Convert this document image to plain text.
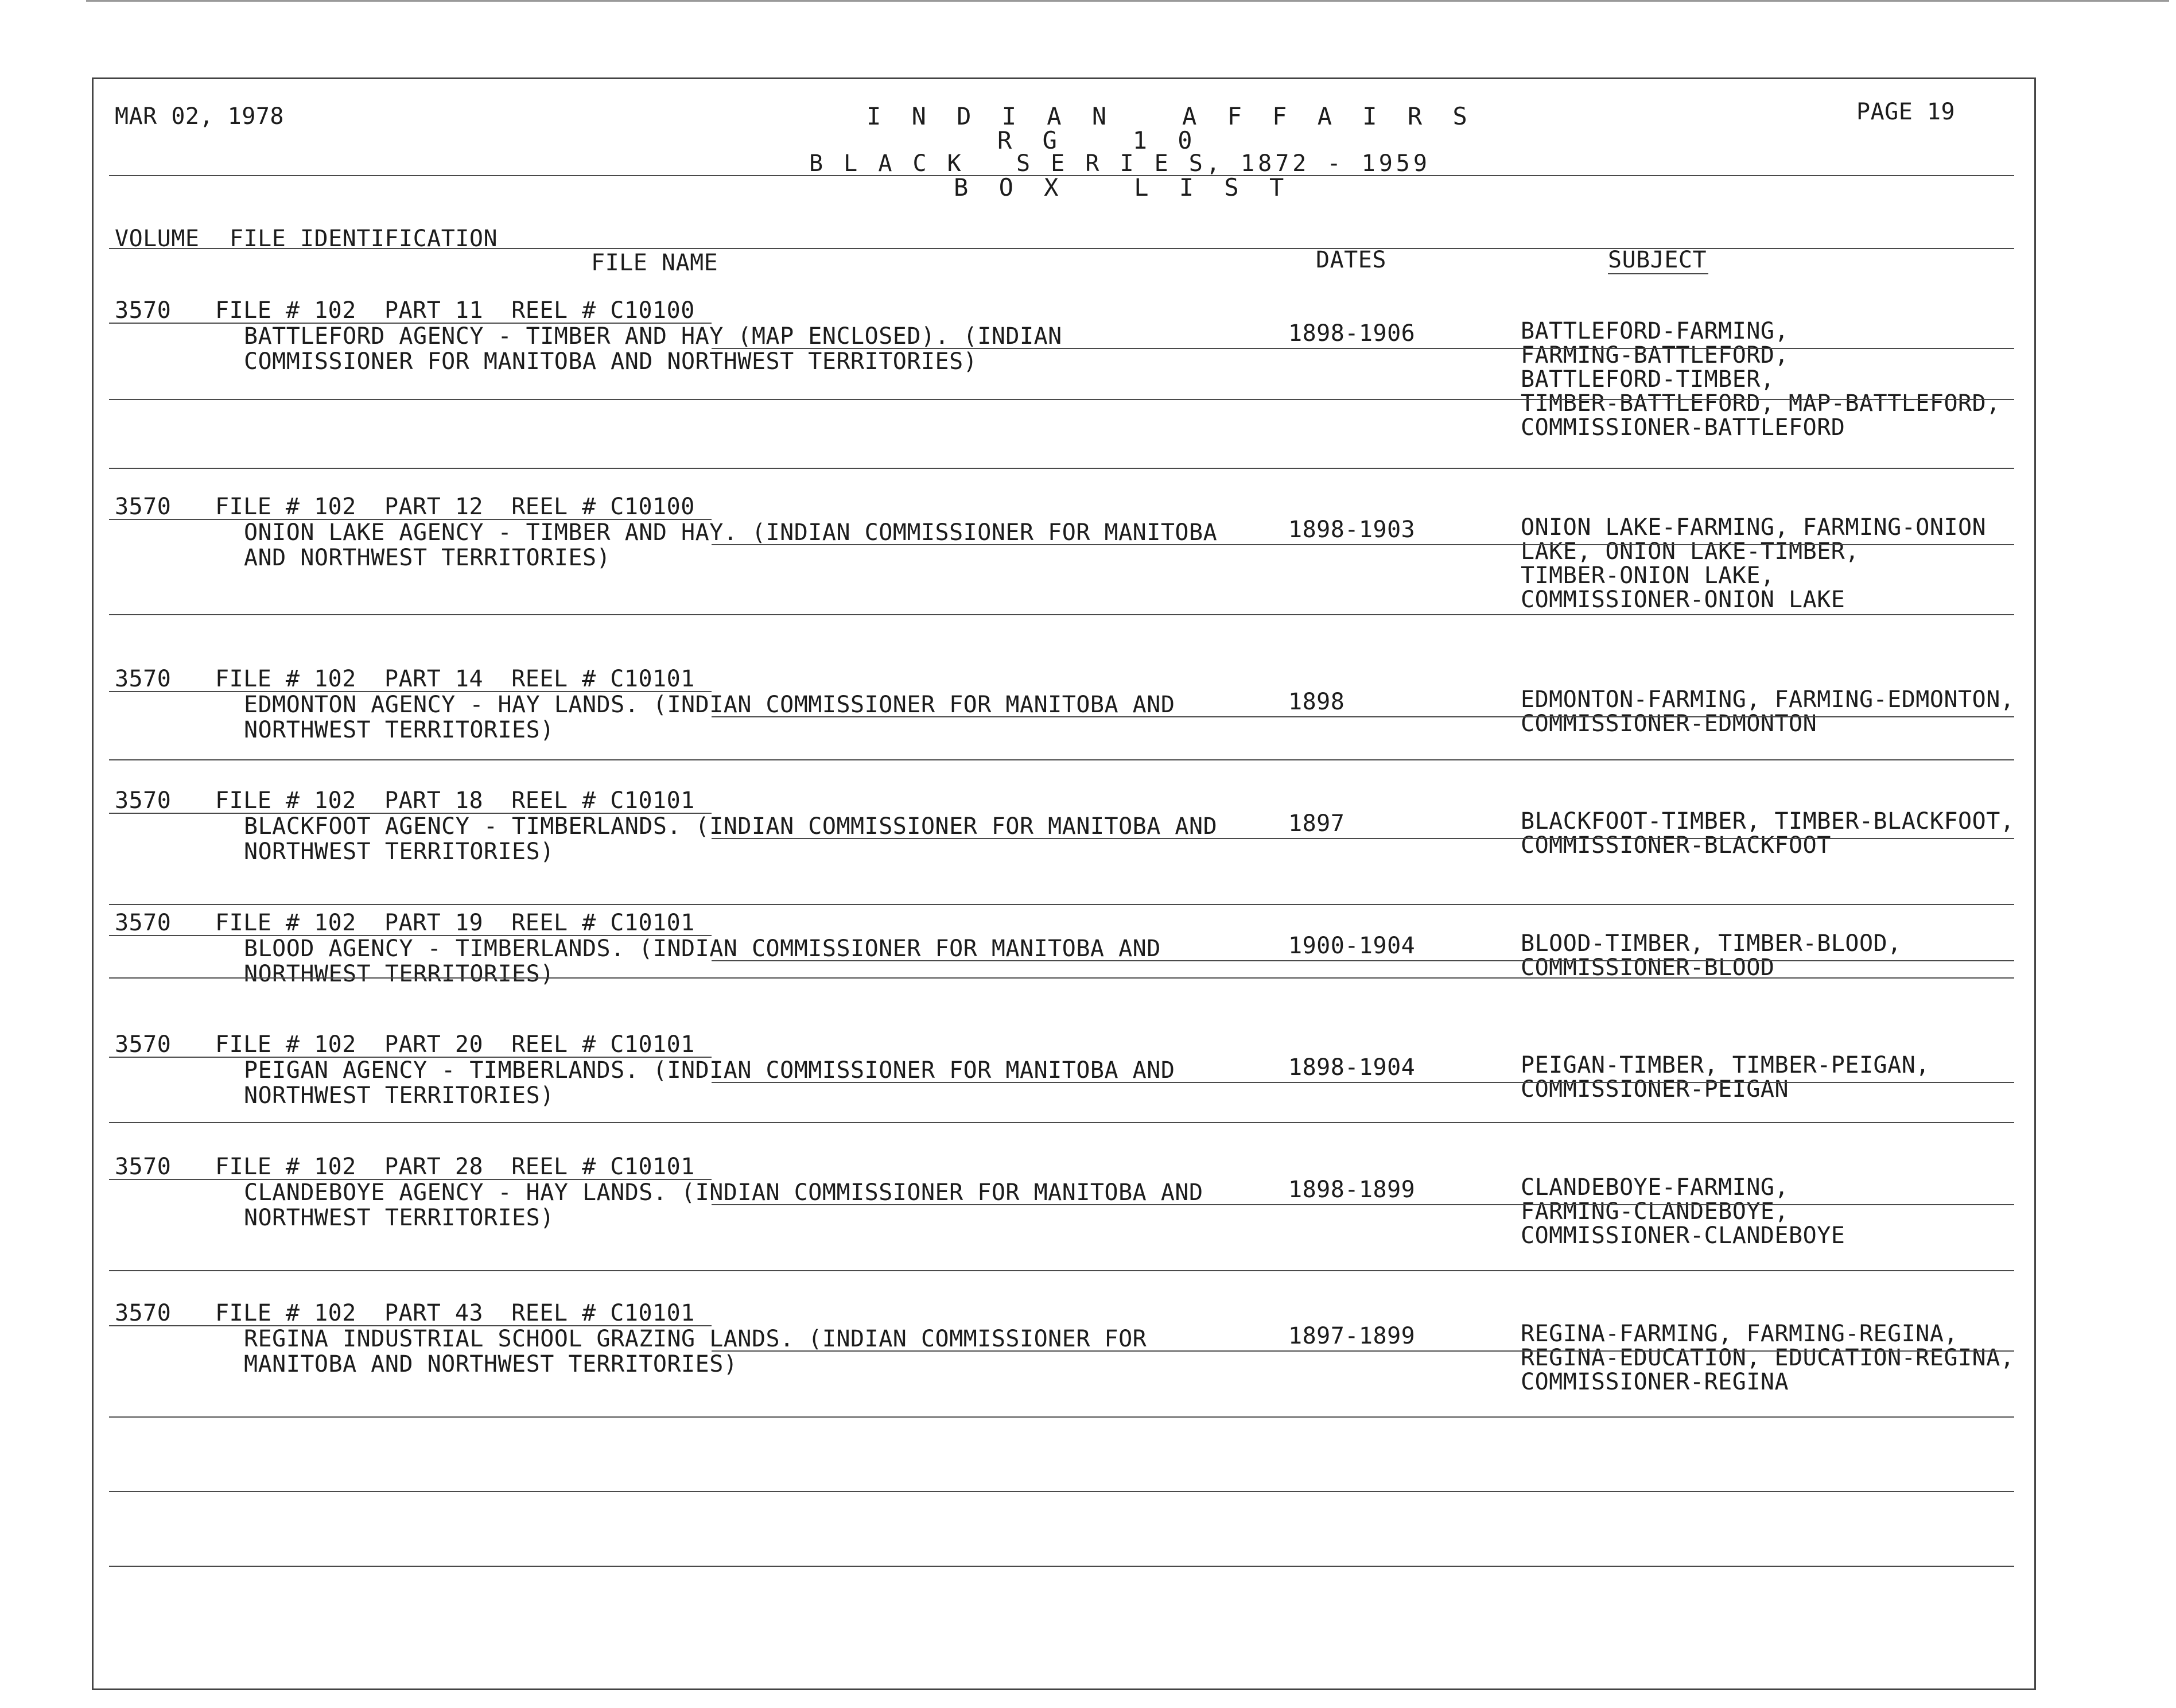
MAR 02, 1978	PAGE 19
I N D I A N   A F F A I R S
R G   1 0
B L A C K   S E R I E S, 1872 - 1959
B O X   L I S T
VOLUME FILE IDENTIFICATION
FILE NAME	DATES	SUBJECT
3570 FILE # 102  PART 11  REEL # C10100
BATTLEFORD AGENCY - TIMBER AND HAY (MAP ENCLOSED). (INDIAN
COMMISSIONER FOR MANITOBA AND NORTHWEST TERRITORIES)
1898-1906	BATTLEFORD-FARMING,
FARMING-BATTLEFORD,
BATTLEFORD-TIMBER,
TIMBER-BATTLEFORD, MAP-BATTLEFORD,
COMMISSIONER-BATTLEFORD
3570 FILE # 102  PART 12  REEL # C10100
ONION LAKE AGENCY - TIMBER AND HAY. (INDIAN COMMISSIONER FOR MANITOBA
AND NORTHWEST TERRITORIES)
1898-1903	ONION LAKE-FARMING, FARMING-ONION
LAKE, ONION LAKE-TIMBER,
TIMBER-ONION LAKE,
COMMISSIONER-ONION LAKE
3570 FILE # 102  PART 14  REEL # C10101
EDMONTON AGENCY - HAY LANDS. (INDIAN COMMISSIONER FOR MANITOBA AND
NORTHWEST TERRITORIES)
1898	EDMONTON-FARMING, FARMING-EDMONTON,
COMMISSIONER-EDMONTON
3570 FILE # 102  PART 18  REEL # C10101
BLACKFOOT AGENCY - TIMBERLANDS. (INDIAN COMMISSIONER FOR MANITOBA AND
NORTHWEST TERRITORIES)
1897	BLACKFOOT-TIMBER, TIMBER-BLACKFOOT,
COMMISSIONER-BLACKFOOT
3570 FILE # 102  PART 19  REEL # C10101
BLOOD AGENCY - TIMBERLANDS. (INDIAN COMMISSIONER FOR MANITOBA AND
NORTHWEST TERRITORIES)
1900-1904	BLOOD-TIMBER, TIMBER-BLOOD,
COMMISSIONER-BLOOD
3570 FILE # 102  PART 20  REEL # C10101
PEIGAN AGENCY - TIMBERLANDS. (INDIAN COMMISSIONER FOR MANITOBA AND
NORTHWEST TERRITORIES)
1898-1904	PEIGAN-TIMBER, TIMBER-PEIGAN,
COMMISSIONER-PEIGAN
3570 FILE # 102  PART 28  REEL # C10101
CLANDEBOYE AGENCY - HAY LANDS. (INDIAN COMMISSIONER FOR MANITOBA AND
NORTHWEST TERRITORIES)
1898-1899	CLANDEBOYE-FARMING,
FARMING-CLANDEBOYE,
COMMISSIONER-CLANDEBOYE
3570 FILE # 102  PART 43  REEL # C10101
REGINA INDUSTRIAL SCHOOL GRAZING LANDS. (INDIAN COMMISSIONER FOR
MANITOBA AND NORTHWEST TERRITORIES)
1897-1899	REGINA-FARMING, FARMING-REGINA,
REGINA-EDUCATION, EDUCATION-REGINA,
COMMISSIONER-REGINA
